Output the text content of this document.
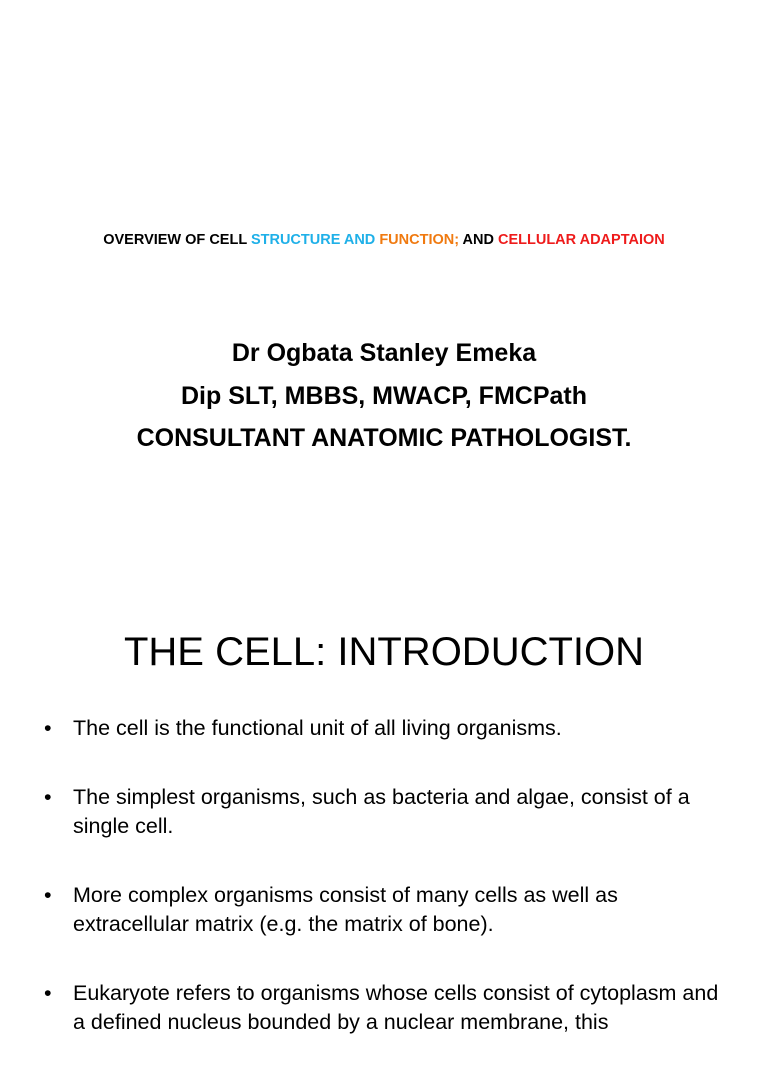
OVERVIEW OF CELL STRUCTURE AND FUNCTION; AND CELLULAR ADAPTAION
Dr Ogbata Stanley Emeka
Dip SLT, MBBS, MWACP, FMCPath
CONSULTANT ANATOMIC PATHOLOGIST.
THE CELL: INTRODUCTION
• The cell is the functional unit of all living organisms.
• The simplest organisms, such as bacteria and algae, consist of a single cell.
• More complex organisms consist of many cells as well as extracellular matrix (e.g. the matrix of bone).
• Eukaryote refers to organisms whose cells consist of cytoplasm and a defined nucleus bounded by a nuclear membrane, this
